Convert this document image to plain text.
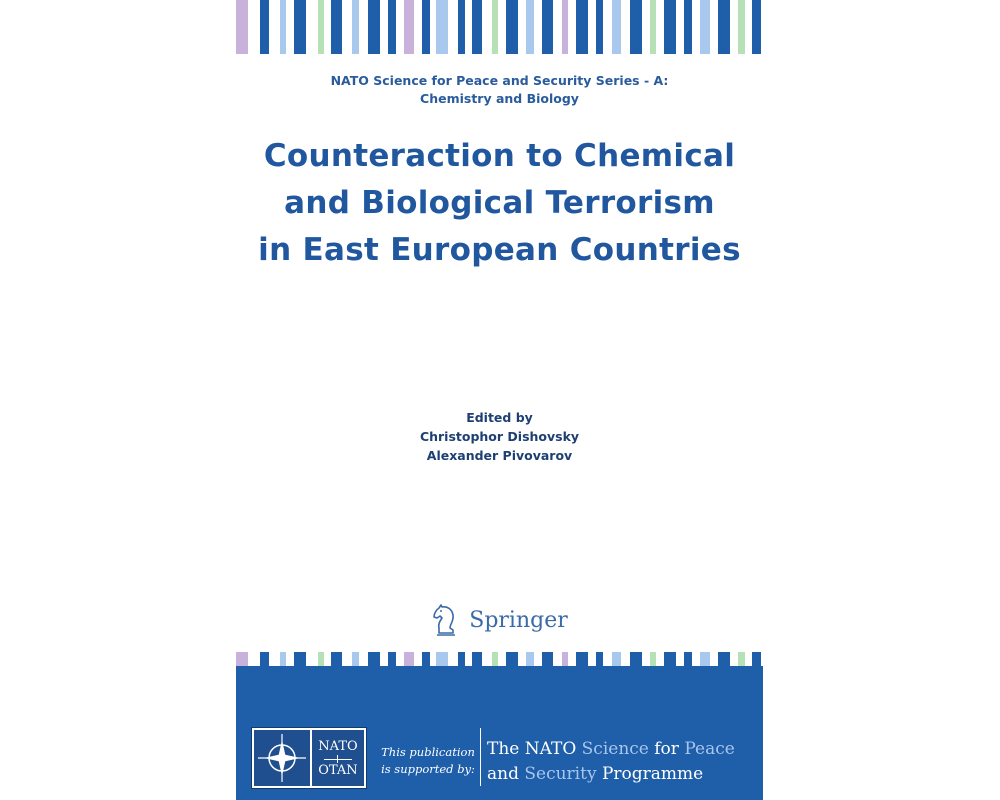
NATO Science for Peace and Security Series - A:
Chemistry and Biology
Counteraction to Chemical
and Biological Terrorism
in East European Countries
Edited by
Christophor Dishovsky
Alexander Pivovarov
Springer
NATO
OTAN
This publication
is supported by:
The NATO Science for Peace
and Security Programme
